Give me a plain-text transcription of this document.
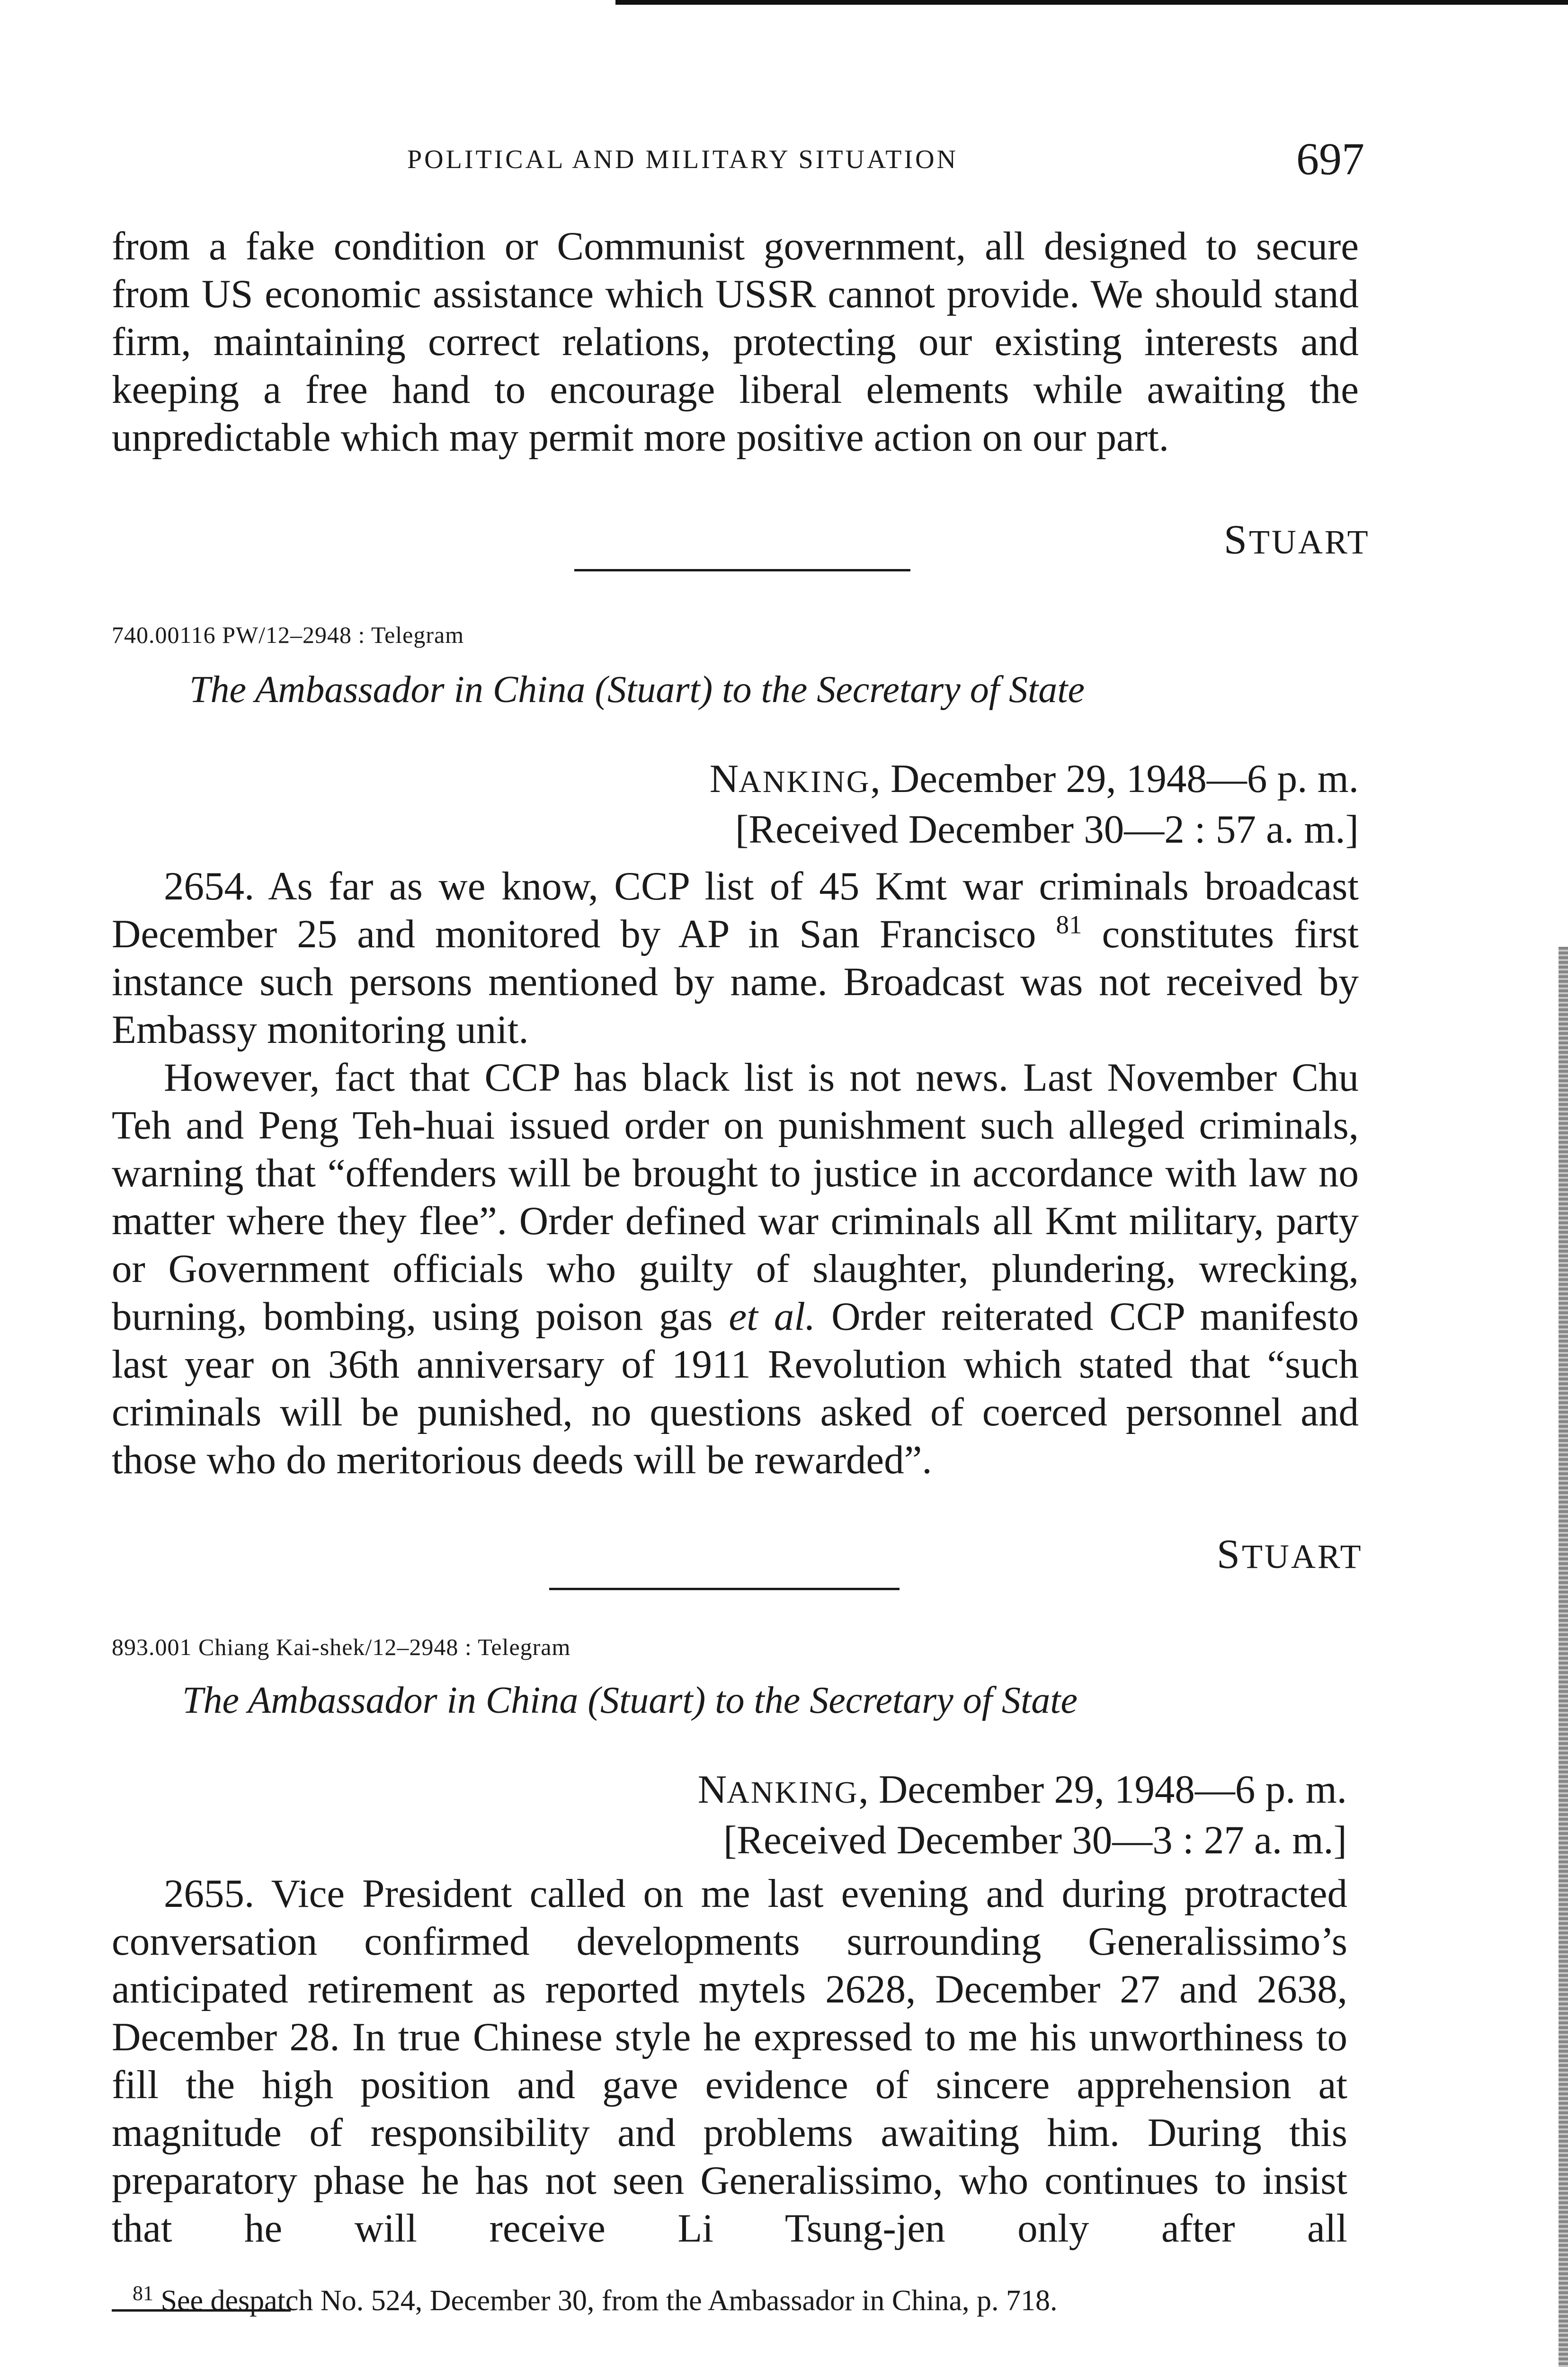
POLITICAL AND MILITARY SITUATION	697

from a fake condition or Communist government, all designed to secure from US economic assistance which USSR cannot provide. We should stand firm, maintaining correct relations, protecting our existing interests and keeping a free hand to encourage liberal elements while awaiting the unpredictable which may permit more positive action on our part.

STUART
740.00116 PW/12–2948 : Telegram
The Ambassador in China (Stuart) to the Secretary of State
NANKING, December 29, 1948—6 p. m.
[Received December 30—2 : 57 a. m.]

2654. As far as we know, CCP list of 45 Kmt war criminals broadcast December 25 and monitored by AP in San Francisco $^{81}$ constitutes first instance such persons mentioned by name. Broadcast was not received by Embassy monitoring unit.

However, fact that CCP has black list is not news. Last November Chu Teh and Peng Teh-huai issued order on punishment such alleged criminals, warning that “offenders will be brought to justice in accordance with law no matter where they flee”. Order defined war criminals all Kmt military, party or Government officials who guilty of slaughter, plundering, wrecking, burning, bombing, using poison gas et al. Order reiterated CCP manifesto last year on 36th anniversary of 1911 Revolution which stated that “such criminals will be punished, no questions asked of coerced personnel and those who do meritorious deeds will be rewarded”.

STUART
893.001 Chiang Kai-shek/12–2948 : Telegram
The Ambassador in China (Stuart) to the Secretary of State
NANKING, December 29, 1948—6 p. m.
[Received December 30—3 : 27 a. m.]

2655. Vice President called on me last evening and during protracted conversation confirmed developments surrounding Generalissimo’s anticipated retirement as reported mytels 2628, December 27 and 2638, December 28. In true Chinese style he expressed to me his unworthiness to fill the high position and gave evidence of sincere apprehension at magnitude of responsibility and problems awaiting him. During this preparatory phase he has not seen Generalissimo, who continues to insist that he will receive Li Tsung-jen only after all

$^{81}$ See despatch No. 524, December 30, from the Ambassador in China, p. 718.
